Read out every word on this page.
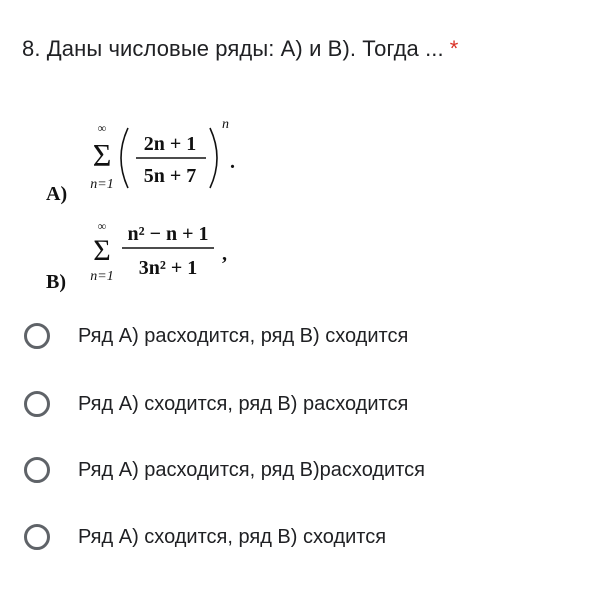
8. Даны числовые ряды: А) и В). Тогда ... *
∞
Σ
n=1
А)
2n + 1
5n + 7
n
.
∞
Σ
n=1
В)
n² − n + 1
3n² + 1
,
Ряд А) расходится, ряд В) сходится
Ряд А) сходится, ряд В) расходится
Ряд А) расходится, ряд В)расходится
Ряд А) сходится, ряд В) сходится
